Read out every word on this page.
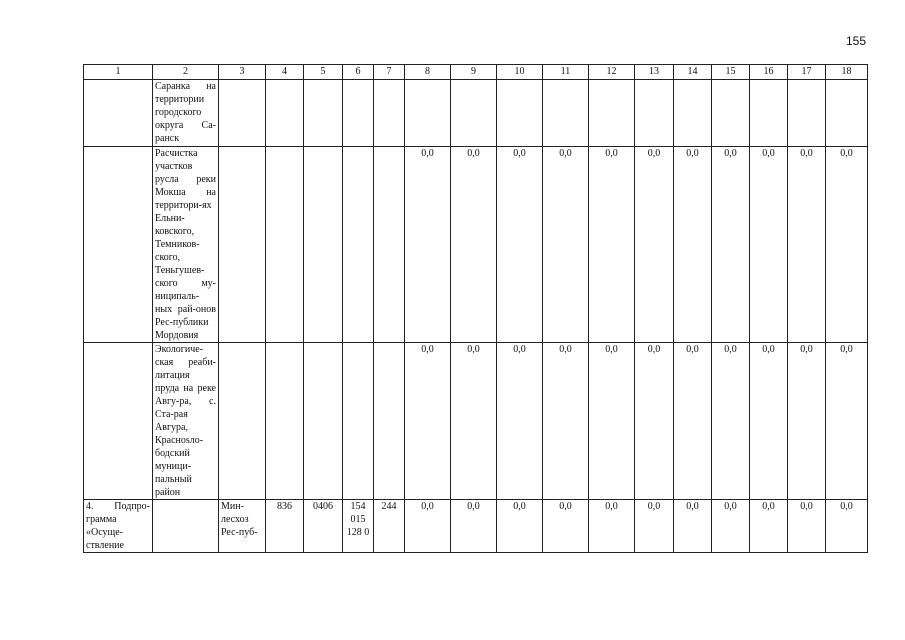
155
1	2	3	4	5	6	7	8	9	10	11	12	13	14	15	16	17	18
	Саранка на территории городского округа Са-ранск																
	Расчистка участков русла реки Мокша на территори-ях Ельни-ковского, Темников-ского, Теньгушев-ского му-ниципаль-ных рай-онов Рес-публики Мордовия						0,0	0,0	0,0	0,0	0,0	0,0	0,0	0,0	0,0	0,0	0,0
	Экологиче-ская реаби-литация пруда на реке Авгу-ра, с. Ста-рая Авгура, Краснosло-бодский муници-пальный район						0,0	0,0	0,0	0,0	0,0	0,0	0,0	0,0	0,0	0,0	0,0
4. Подпро-грамма «Осуще-ствление		Мин-лесхоз Рес-пуб-	836	0406	154 015 128 0	244	0,0	0,0	0,0	0,0	0,0	0,0	0,0	0,0	0,0	0,0	0,0
